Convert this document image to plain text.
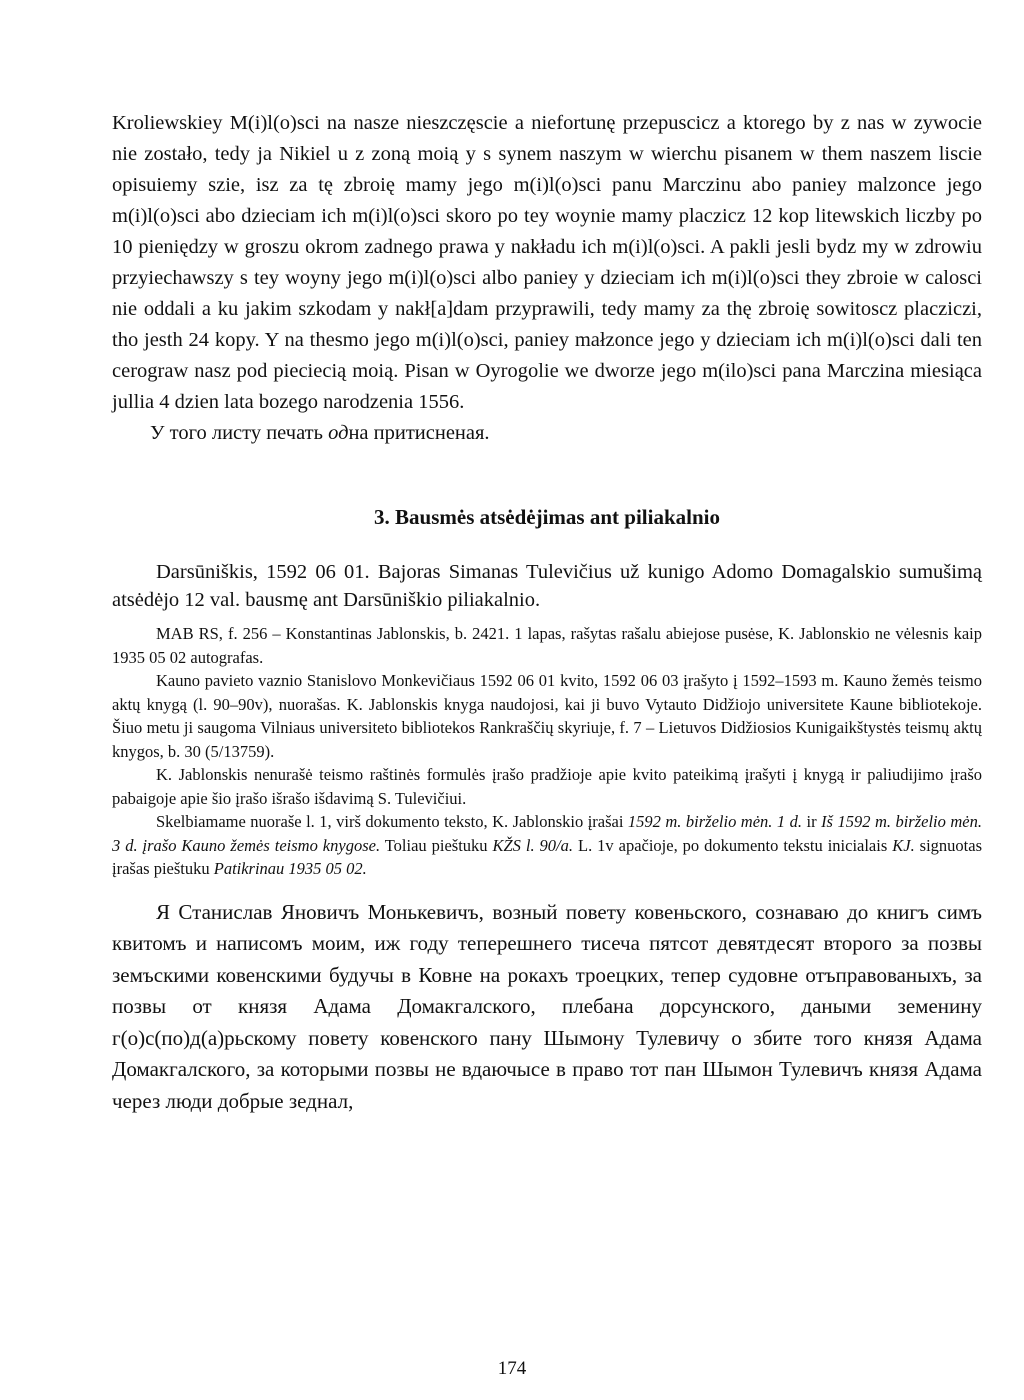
Kroliewskiey M(i)l(o)sci na nasze nieszczęscie a niefortunę przepuscicz a ktorego by z nas w zywocie nie zostało, tedy ja Nikiel u z zoną moią y s synem naszym w wierchu pisanem w them naszem liscie opisuiemy szie, isz za tę zbroię mamy jego m(i)l(o)sci panu Marczinu abo paniey malzonce jego m(i)l(o)sci abo dzieciam ich m(i)l(o)sci skoro po tey woynie mamy placzicz 12 kop litewskich liczby po 10 pieniędzy w groszu okrom zadnego prawa y nakładu ich m(i)l(o)sci. A pakli jesli bydz my w zdrowiu przyiechawszy s tey woyny jego m(i)l(o)sci albo paniey y dzieciam ich m(i)l(o)sci they zbroie w calosci nie oddali a ku jakim szkodam y nakł[a]dam przyprawili, tedy mamy za thę zbroię sowitoscz placziczi, tho jesth 24 kopy. Y na thesmo jego m(i)l(o)sci, paniey małzonce jego y dzieciam ich m(i)l(o)sci dali ten cerograw nasz pod pieciecią moią. Pisan w Oyrogolie we dworze jego m(ilo)sci pana Marczina miesiąca jullia 4 dzien lata bozego narodzenia 1556.

У того листу печать одна притисненая.

3. Bausmės atsėdėjimas ant piliakalnio

Darsūniškis, 1592 06 01. Bajoras Simanas Tulevičius už kunigo Adomo Domagalskio sumušimą atsėdėjo 12 val. bausmę ant Darsūniškio piliakalnio.

MAB RS, f. 256 – Konstantinas Jablonskis, b. 2421. 1 lapas, rašytas rašalu abiejose pusėse, K. Jablonskio ne vėlesnis kaip 1935 05 02 autografas.

Kauno pavieto vaznio Stanislovo Monkevičiaus 1592 06 01 kvito, 1592 06 03 įrašyto į 1592–1593 m. Kauno žemės teismo aktų knygą (l. 90–90v), nuorašas. K. Jablonskis knyga naudojosi, kai ji buvo Vytauto Didžiojo universitete Kaune bibliotekoje. Šiuo metu ji saugoma Vilniaus universiteto bibliotekos Rankraščių skyriuje, f. 7 – Lietuvos Didžiosios Kunigaikštystės teismų aktų knygos, b. 30 (5/13759).

K. Jablonskis nenurašė teismo raštinės formulės įrašo pradžioje apie kvito pateikimą įrašyti į knygą ir paliudijimo įrašo pabaigoje apie šio įrašo išrašo išdavimą S. Tulevičiui.

Skelbiamame nuoraše l. 1, virš dokumento teksto, K. Jablonskio įrašai 1592 m. birželio mėn. 1 d. ir Iš 1592 m. birželio mėn. 3 d. įrašo Kauno žemės teismo knygose. Toliau pieštuku KŽS l. 90/a. L. 1v apačioje, po dokumento tekstu inicialais KJ. signuotas įrašas pieštuku Patikrinau 1935 05 02.

Я Станислав Яновичъ Монькевичъ, возный повету ковеньского, сознаваю до книгъ симъ квитомъ и написомъ моим, иж году теперешнего тисеча пятсот девятдесят второго за позвы земъскими ковенскими будучы в Ковне на рокахъ троецких, тепер судовне отъправованыхъ, за позвы от князя Адама Домакгалского, плебана дорсунского, даными земенину г(о)с(по)д(а)рьскому повету ковенского пану Шымону Тулевичу о збите того князя Адама Домакгалского, за которыми позвы не вдаючысе в право тот пан Шымон Тулевичъ князя Адама через люди добрые зеднал,

174
